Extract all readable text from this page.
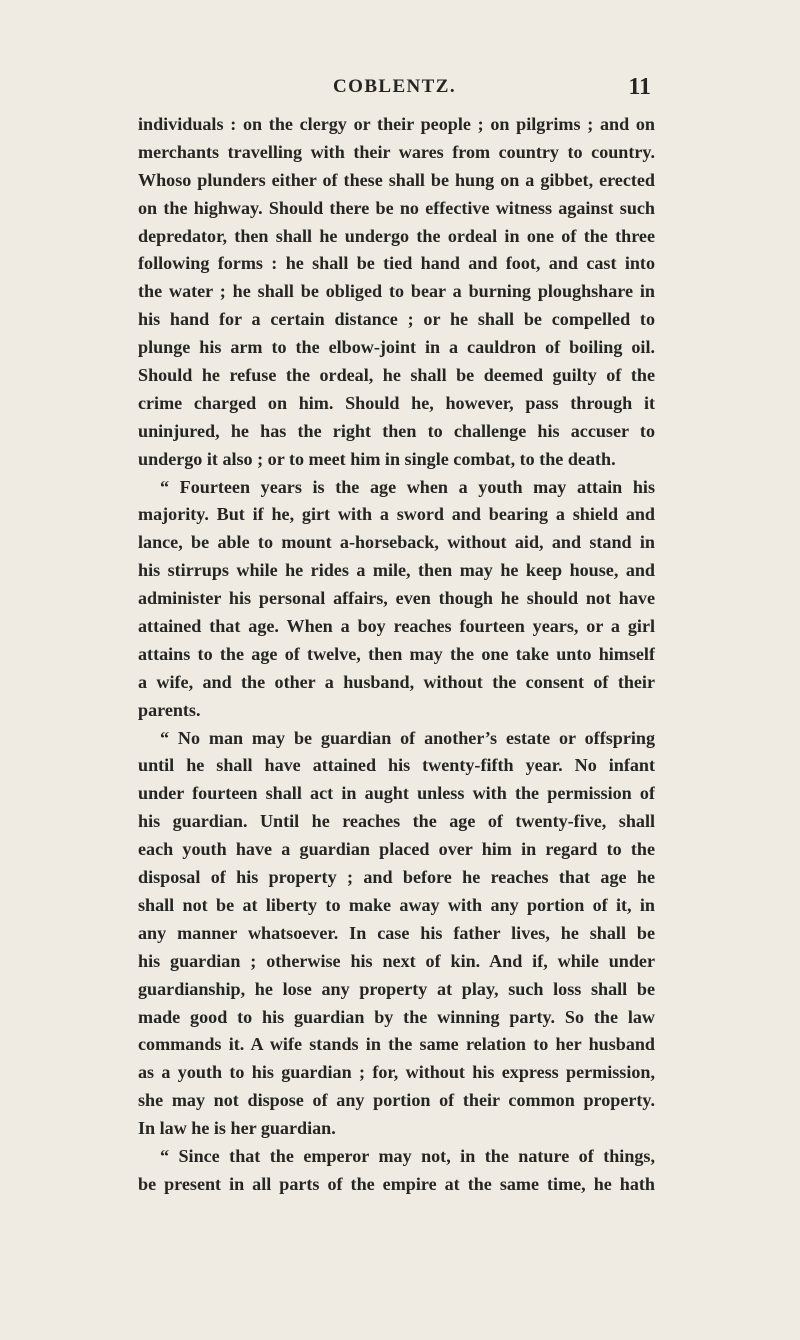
COBLENTZ.	11
individuals : on the clergy or their people ; on pilgrims ; and on
merchants travelling with their wares from country to country.
Whoso plunders either of these shall be hung on a gibbet, erected
on the highway. Should there be no effective witness against such
depredator, then shall he undergo the ordeal in one of the three
following forms : he shall be tied hand and foot, and cast into
the water ; he shall be obliged to bear a burning ploughshare in
his hand for a certain distance ; or he shall be compelled to
plunge his arm to the elbow-joint in a cauldron of boiling oil.
Should he refuse the ordeal, he shall be deemed guilty of the
crime charged on him. Should he, however, pass through it
uninjured, he has the right then to challenge his accuser to
undergo it also ; or to meet him in single combat, to the death.
“ Fourteen years is the age when a youth may attain his
majority. But if he, girt with a sword and bearing a shield and
lance, be able to mount a-horseback, without aid, and stand in
his stirrups while he rides a mile, then may he keep house, and
administer his personal affairs, even though he should not have
attained that age. When a boy reaches fourteen years, or a girl
attains to the age of twelve, then may the one take unto himself
a wife, and the other a husband, without the consent of their
parents.
“ No man may be guardian of another’s estate or offspring
until he shall have attained his twenty-fifth year. No infant
under fourteen shall act in aught unless with the permission of
his guardian. Until he reaches the age of twenty-five, shall
each youth have a guardian placed over him in regard to the
disposal of his property ; and before he reaches that age he
shall not be at liberty to make away with any portion of it, in
any manner whatsoever. In case his father lives, he shall be
his guardian ; otherwise his next of kin. And if, while under
guardianship, he lose any property at play, such loss shall be
made good to his guardian by the winning party. So the law
commands it. A wife stands in the same relation to her husband
as a youth to his guardian ; for, without his express permission,
she may not dispose of any portion of their common property.
In law he is her guardian.
“ Since that the emperor may not, in the nature of things,
be present in all parts of the empire at the same time, he hath
